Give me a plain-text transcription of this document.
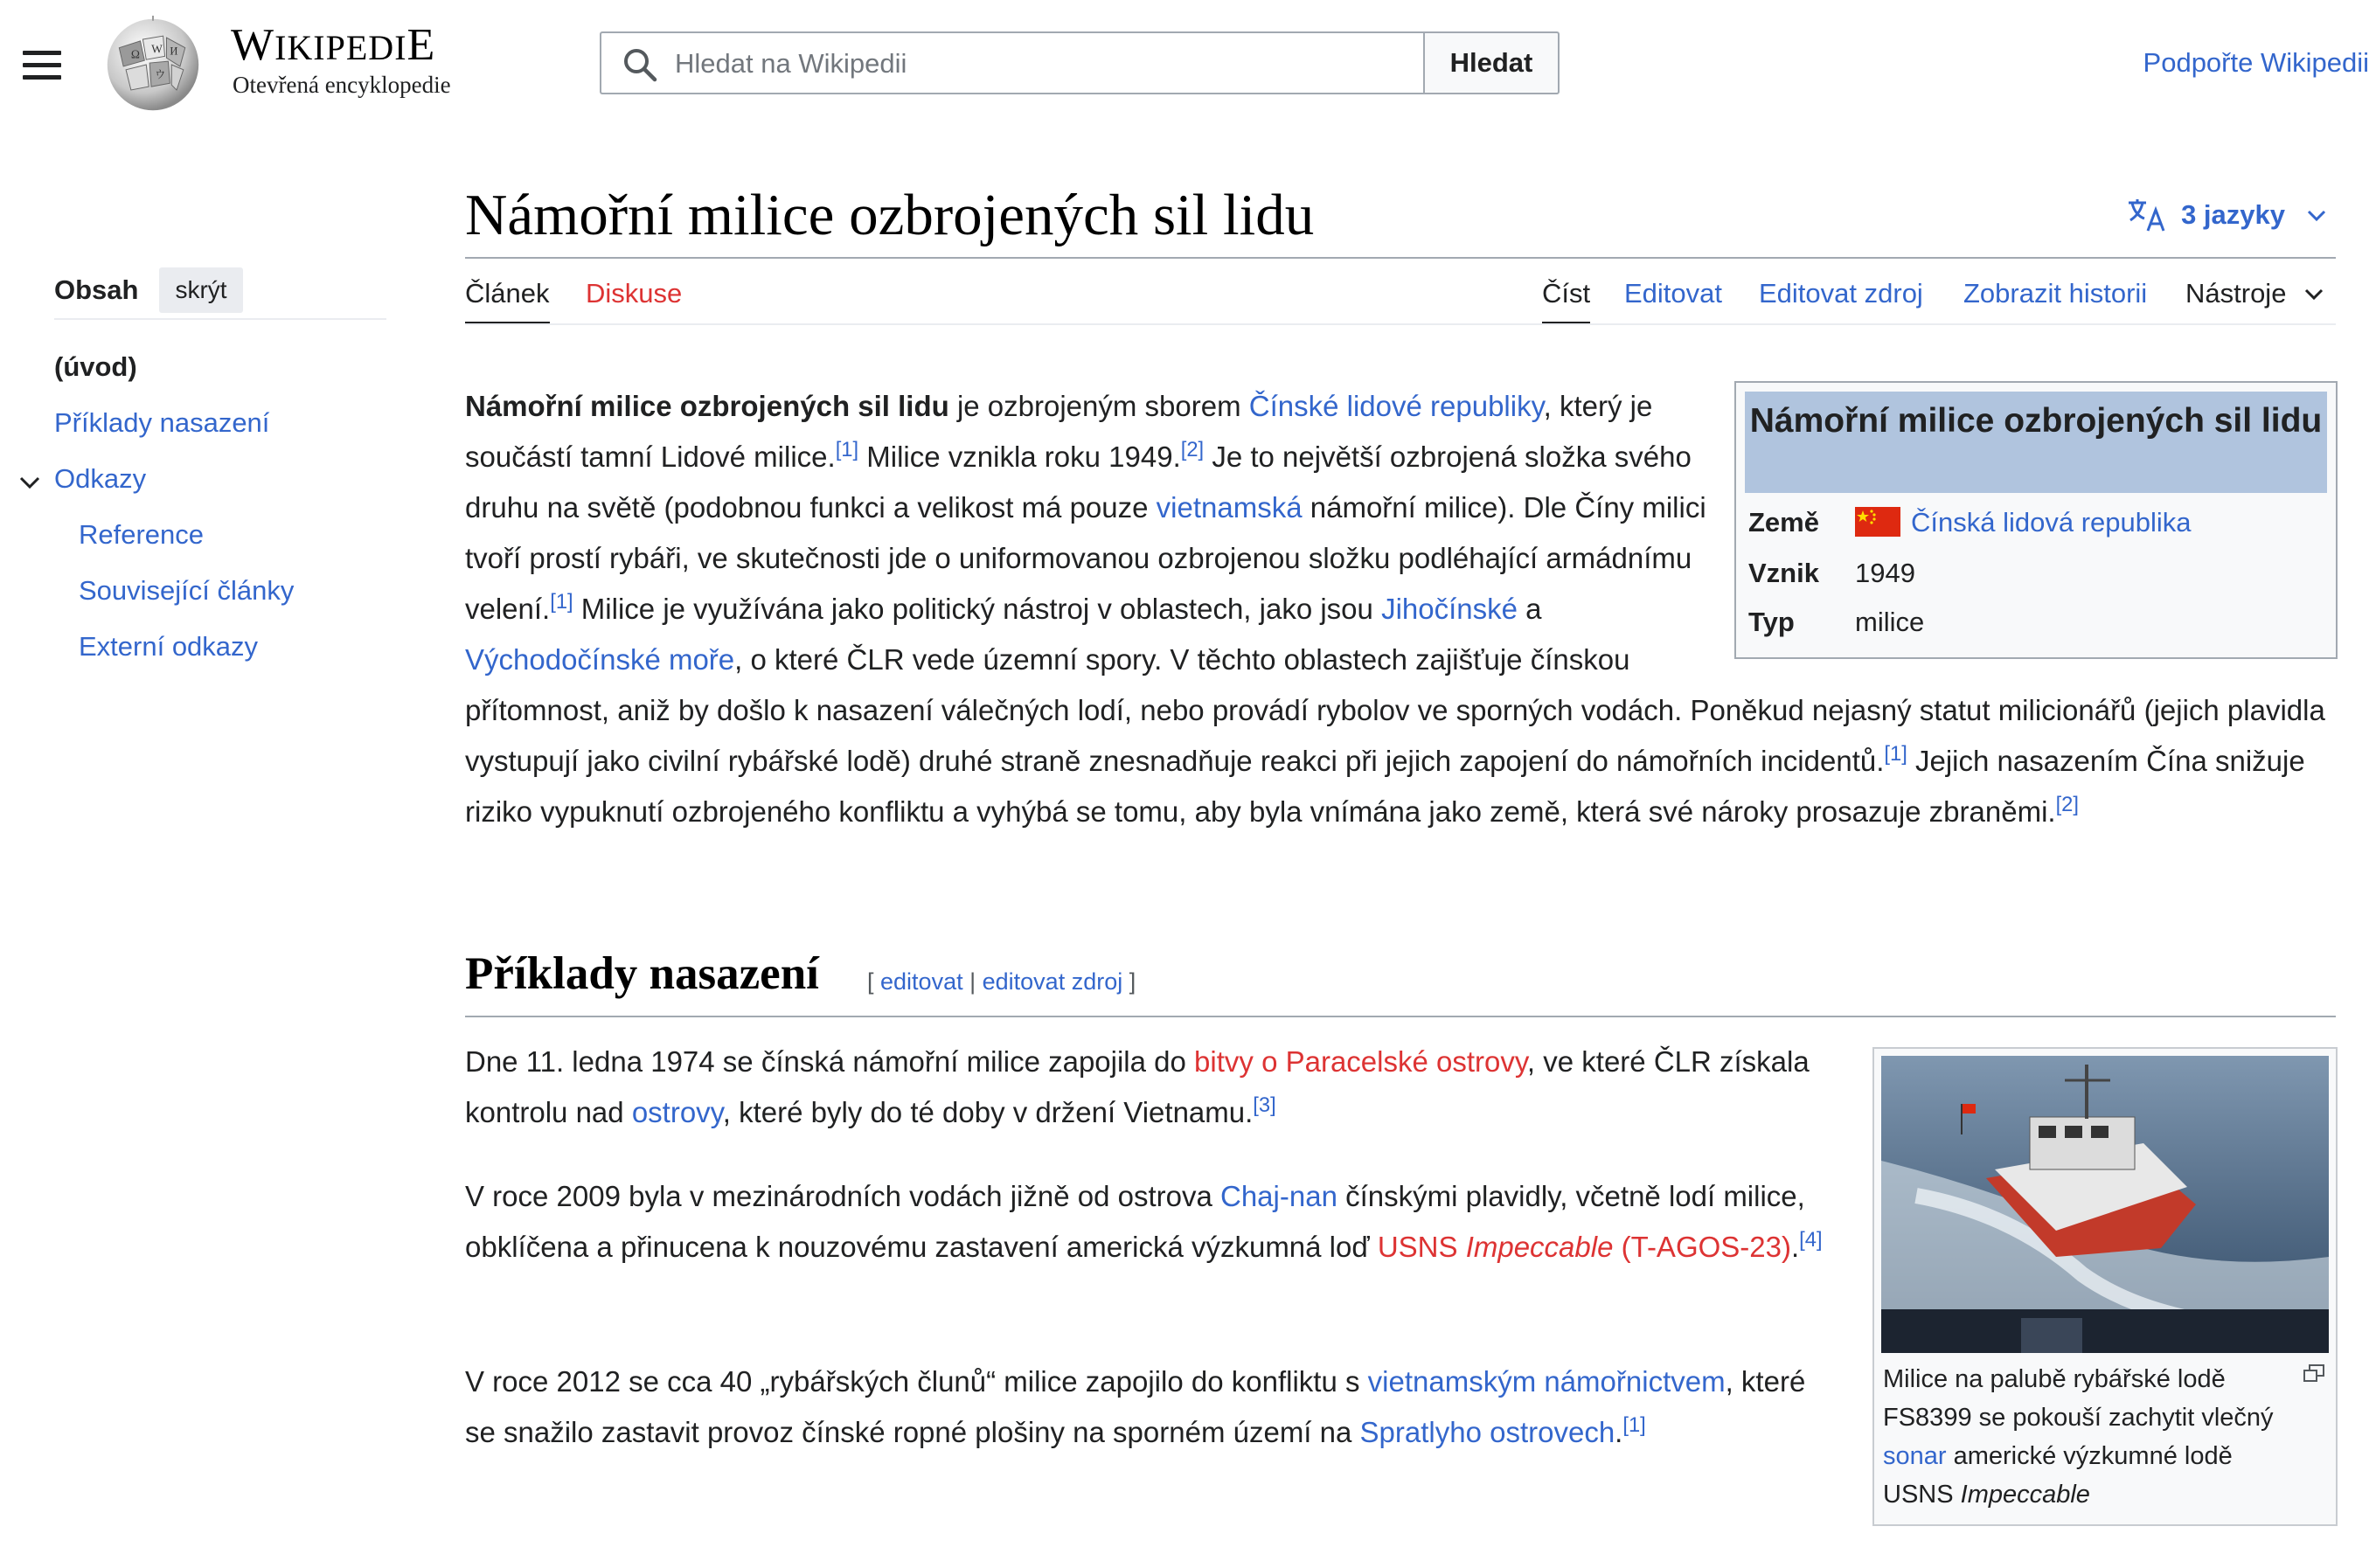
Ω W И
ウ
WIKIPEDIE
Otevřená encyklopedie
Hledat na Wikipedii
Hledat	Podpořte Wikipedii
Obsah	skrýt
(úvod)
Příklady nasazení
Odkazy
Reference
Související články
Externí odkazy
Námořní milice ozbrojených sil lidu	3 jazyky
Článek Diskuse	Číst Editovat Editovat zdroj Zobrazit historii Nástroje
Námořní milice ozbrojených sil lidu je ozbrojeným sborem Čínské lidové republiky, který je součástí tamní Lidové milice.[1] Milice vznikla roku 1949.[2] Je to největší ozbrojená složka svého druhu na světě (podobnou funkci a velikost má pouze vietnamská námořní milice). Dle Číny milici tvoří prostí rybáři, ve skutečnosti jde o uniformovanou ozbrojenou složku podléhající armádnímu velení.[1] Milice je využívána jako politický nástroj v oblastech, jako jsou Jihočínské a Východočínské moře, o které ČLR vede územní spory. V těchto oblastech zajišťuje čínskou přítomnost, aniž by došlo k nasazení válečných lodí, nebo provádí rybolov ve sporných vodách. Poněkud nejasný statut milicionářů (jejich plavidla vystupují jako civilní rybářské lodě) druhé straně znesnadňuje reakci při jejich zapojení do námořních incidentů.[1] Jejich nasazením Čína snižuje riziko vypuknutí ozbrojeného konfliktu a vyhýbá se tomu, aby byla vnímána jako země, která své nároky prosazuje zbraněmi.[2]
Námořní milice ozbrojených sil lidu
Země	Čínská lidová republika
Vznik 1949
Typ milice
Příklady nasazení [ editovat | editovat zdroj ]
Dne 11. ledna 1974 se čínská námořní milice zapojila do bitvy o Paracelské ostrovy, ve které ČLR získala kontrolu nad ostrovy, které byly do té doby v držení Vietnamu.[3]
V roce 2009 byla v mezinárodních vodách jižně od ostrova Chaj-nan čínskými plavidly, včetně lodí milice, obklíčena a přinucena k nouzovému zastavení americká výzkumná loď USNS Impeccable (T-AGOS-23).[4]
V roce 2012 se cca 40 „rybářských člunů“ milice zapojilo do konfliktu s vietnamským námořnictvem, které se snažilo zastavit provoz čínské ropné plošiny na sporném území na Spratlyho ostrovech.[1]
Milice na palubě rybářské lodě FS8399 se pokouší zachytit vlečný sonar americké výzkumné lodě USNS Impeccable
